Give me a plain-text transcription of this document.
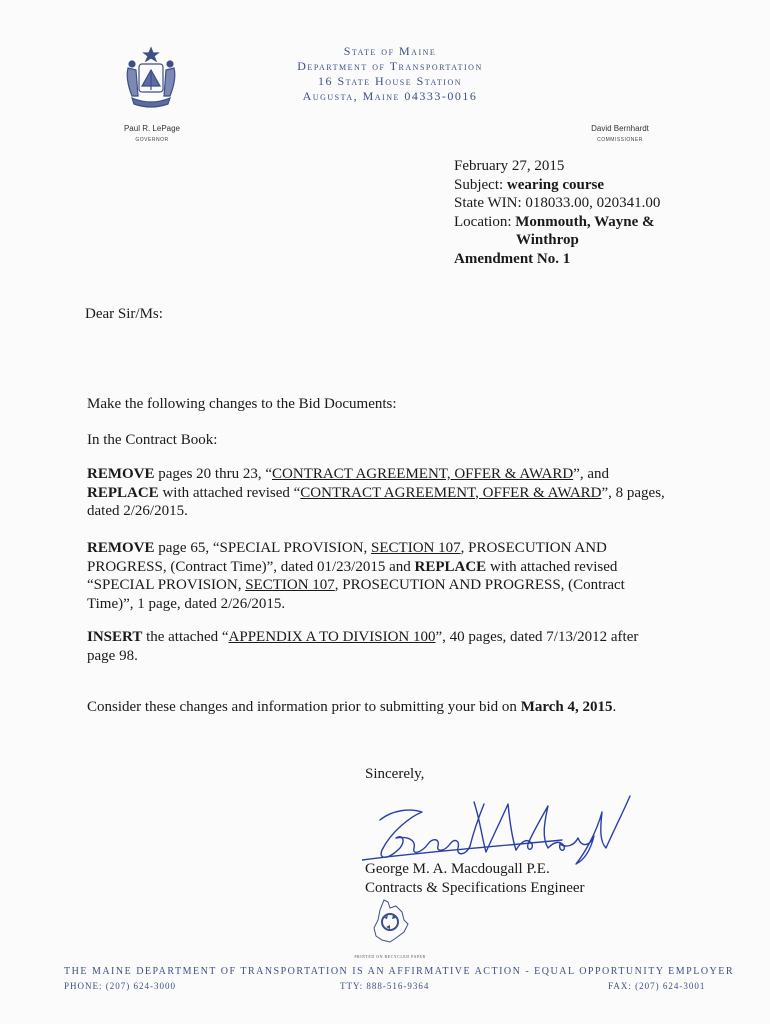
State of Maine
Department of Transportation
16 State House Station
Augusta, Maine 04333-0016
Paul R. LePage
GOVERNOR
David Bernhardt
COMMISSIONER
February 27, 2015
Subject: wearing course
State WIN: 018033.00, 020341.00
Location: Monmouth, Wayne &
Winthrop
Amendment No. 1
Dear Sir/Ms:
Make the following changes to the Bid Documents:
In the Contract Book:
REMOVE pages 20 thru 23, “CONTRACT AGREEMENT, OFFER & AWARD”, and
REPLACE with attached revised “CONTRACT AGREEMENT, OFFER & AWARD”, 8 pages, dated 2/26/2015.
REMOVE page 65, “SPECIAL PROVISION, SECTION 107, PROSECUTION AND PROGRESS, (Contract Time)”, dated 01/23/2015 and REPLACE with attached revised “SPECIAL PROVISION, SECTION 107, PROSECUTION AND PROGRESS, (Contract Time)”, 1 page, dated 2/26/2015.
INSERT the attached “APPENDIX A TO DIVISION 100”, 40 pages, dated 7/13/2012 after page 98.
Consider these changes and information prior to submitting your bid on March 4, 2015.
Sincerely,
George M. A. Macdougall P.E.
Contracts & Specifications Engineer
PRINTED ON RECYCLED PAPER
THE MAINE DEPARTMENT OF TRANSPORTATION IS AN AFFIRMATIVE ACTION - EQUAL OPPORTUNITY EMPLOYER
PHONE: (207) 624-3000	TTY: 888-516-9364	FAX: (207) 624-3001
